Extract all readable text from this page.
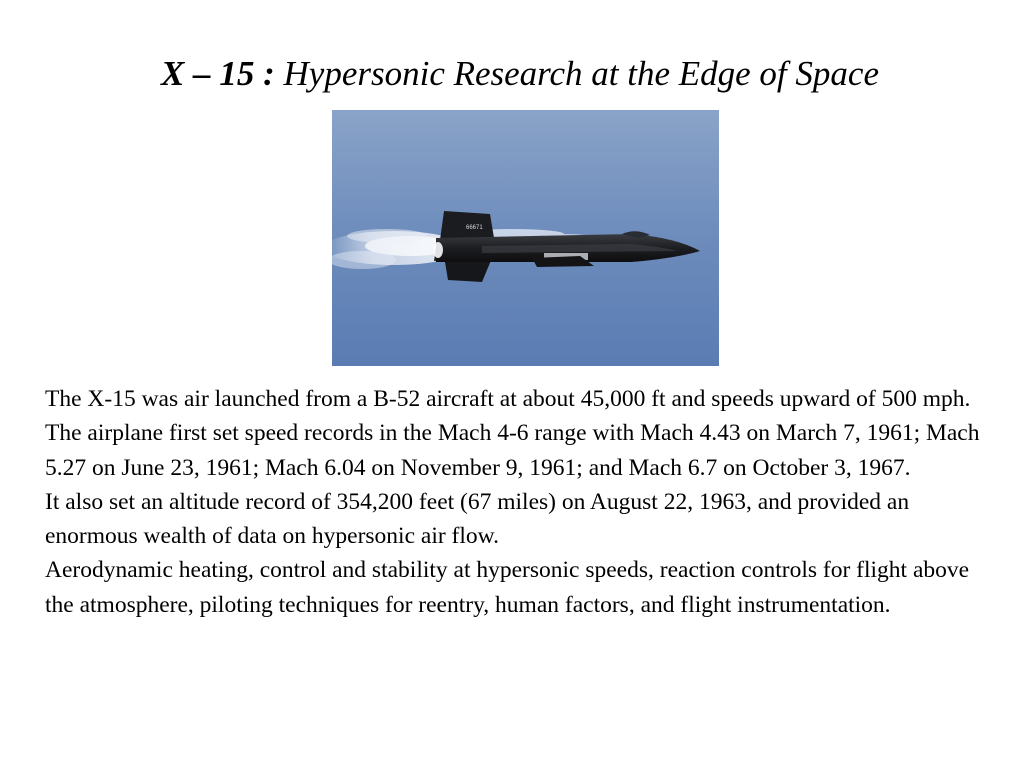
X – 15 : Hypersonic Research at the Edge of Space
66671

The X-15 was air launched from a B-52 aircraft at about 45,000 ft and speeds upward of 500 mph.

The airplane first set speed records in the Mach 4-6 range with Mach 4.43 on March 7, 1961; Mach 5.27 on June 23, 1961; Mach 6.04 on November 9, 1961; and Mach 6.7 on October 3, 1967.

It also set an altitude record of 354,200 feet (67 miles) on August 22, 1963, and provided an enormous wealth of data on hypersonic air flow.

Aerodynamic heating, control and stability at hypersonic speeds, reaction controls for flight above the atmosphere, piloting techniques for reentry, human factors, and flight instrumentation.
